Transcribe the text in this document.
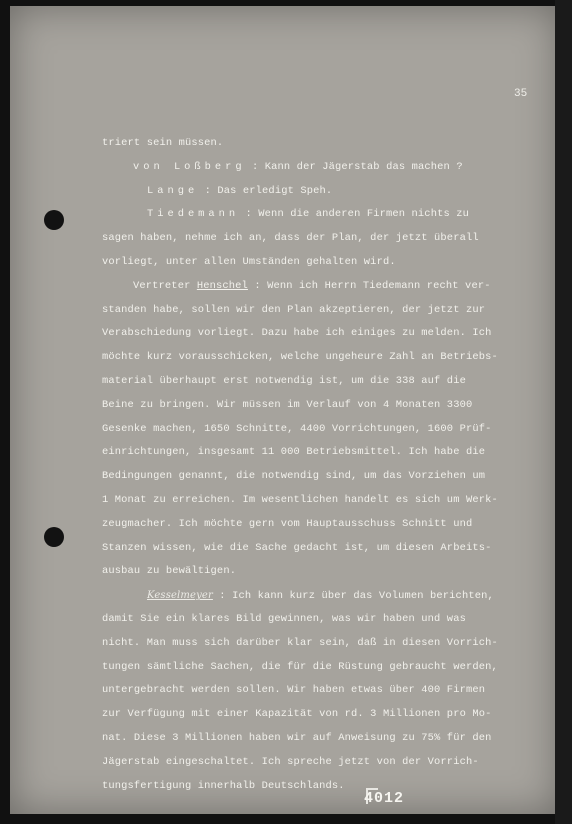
35
triert sein müssen.
von Loßberg : Kann der Jägerstab das machen ?
Lange : Das erledigt Speh.
Tiedemann : Wenn die anderen Firmen nichts zu
sagen haben, nehme ich an, dass der Plan, der jetzt überall
vorliegt, unter allen Umständen gehalten wird.
Vertreter Henschel : Wenn ich Herrn Tiedemann recht ver-
standen habe, sollen wir den Plan akzeptieren, der jetzt zur
Verabschiedung vorliegt. Dazu habe ich einiges zu melden. Ich
möchte kurz vorausschicken, welche ungeheure Zahl an Betriebs-
material überhaupt erst notwendig ist, um die 338 auf die
Beine zu bringen. Wir müssen im Verlauf von 4 Monaten 3300
Gesenke machen, 1650 Schnitte, 4400 Vorrichtungen, 1600 Prüf-
einrichtungen, insgesamt 11 000 Betriebsmittel. Ich habe die
Bedingungen genannt, die notwendig sind, um das Vorziehen um
1 Monat zu erreichen. Im wesentlichen handelt es sich um Werk-
zeugmacher. Ich möchte gern vom Hauptausschuss Schnitt und
Stanzen wissen, wie die Sache gedacht ist, um diesen Arbeits-
ausbau zu bewältigen.
Kesselmeyer : Ich kann kurz über das Volumen berichten,
damit Sie ein klares Bild gewinnen, was wir haben und was
nicht. Man muss sich darüber klar sein, daß in diesen Vorrich-
tungen sämtliche Sachen, die für die Rüstung gebraucht werden,
untergebracht werden sollen. Wir haben etwas über 400 Firmen
zur Verfügung mit einer Kapazität von rd. 3 Millionen pro Mo-
nat. Diese 3 Millionen haben wir auf Anweisung zu 75% für den
Jägerstab eingeschaltet. Ich spreche jetzt von der Vorrich-
tungsfertigung innerhalb Deutschlands.
4012
